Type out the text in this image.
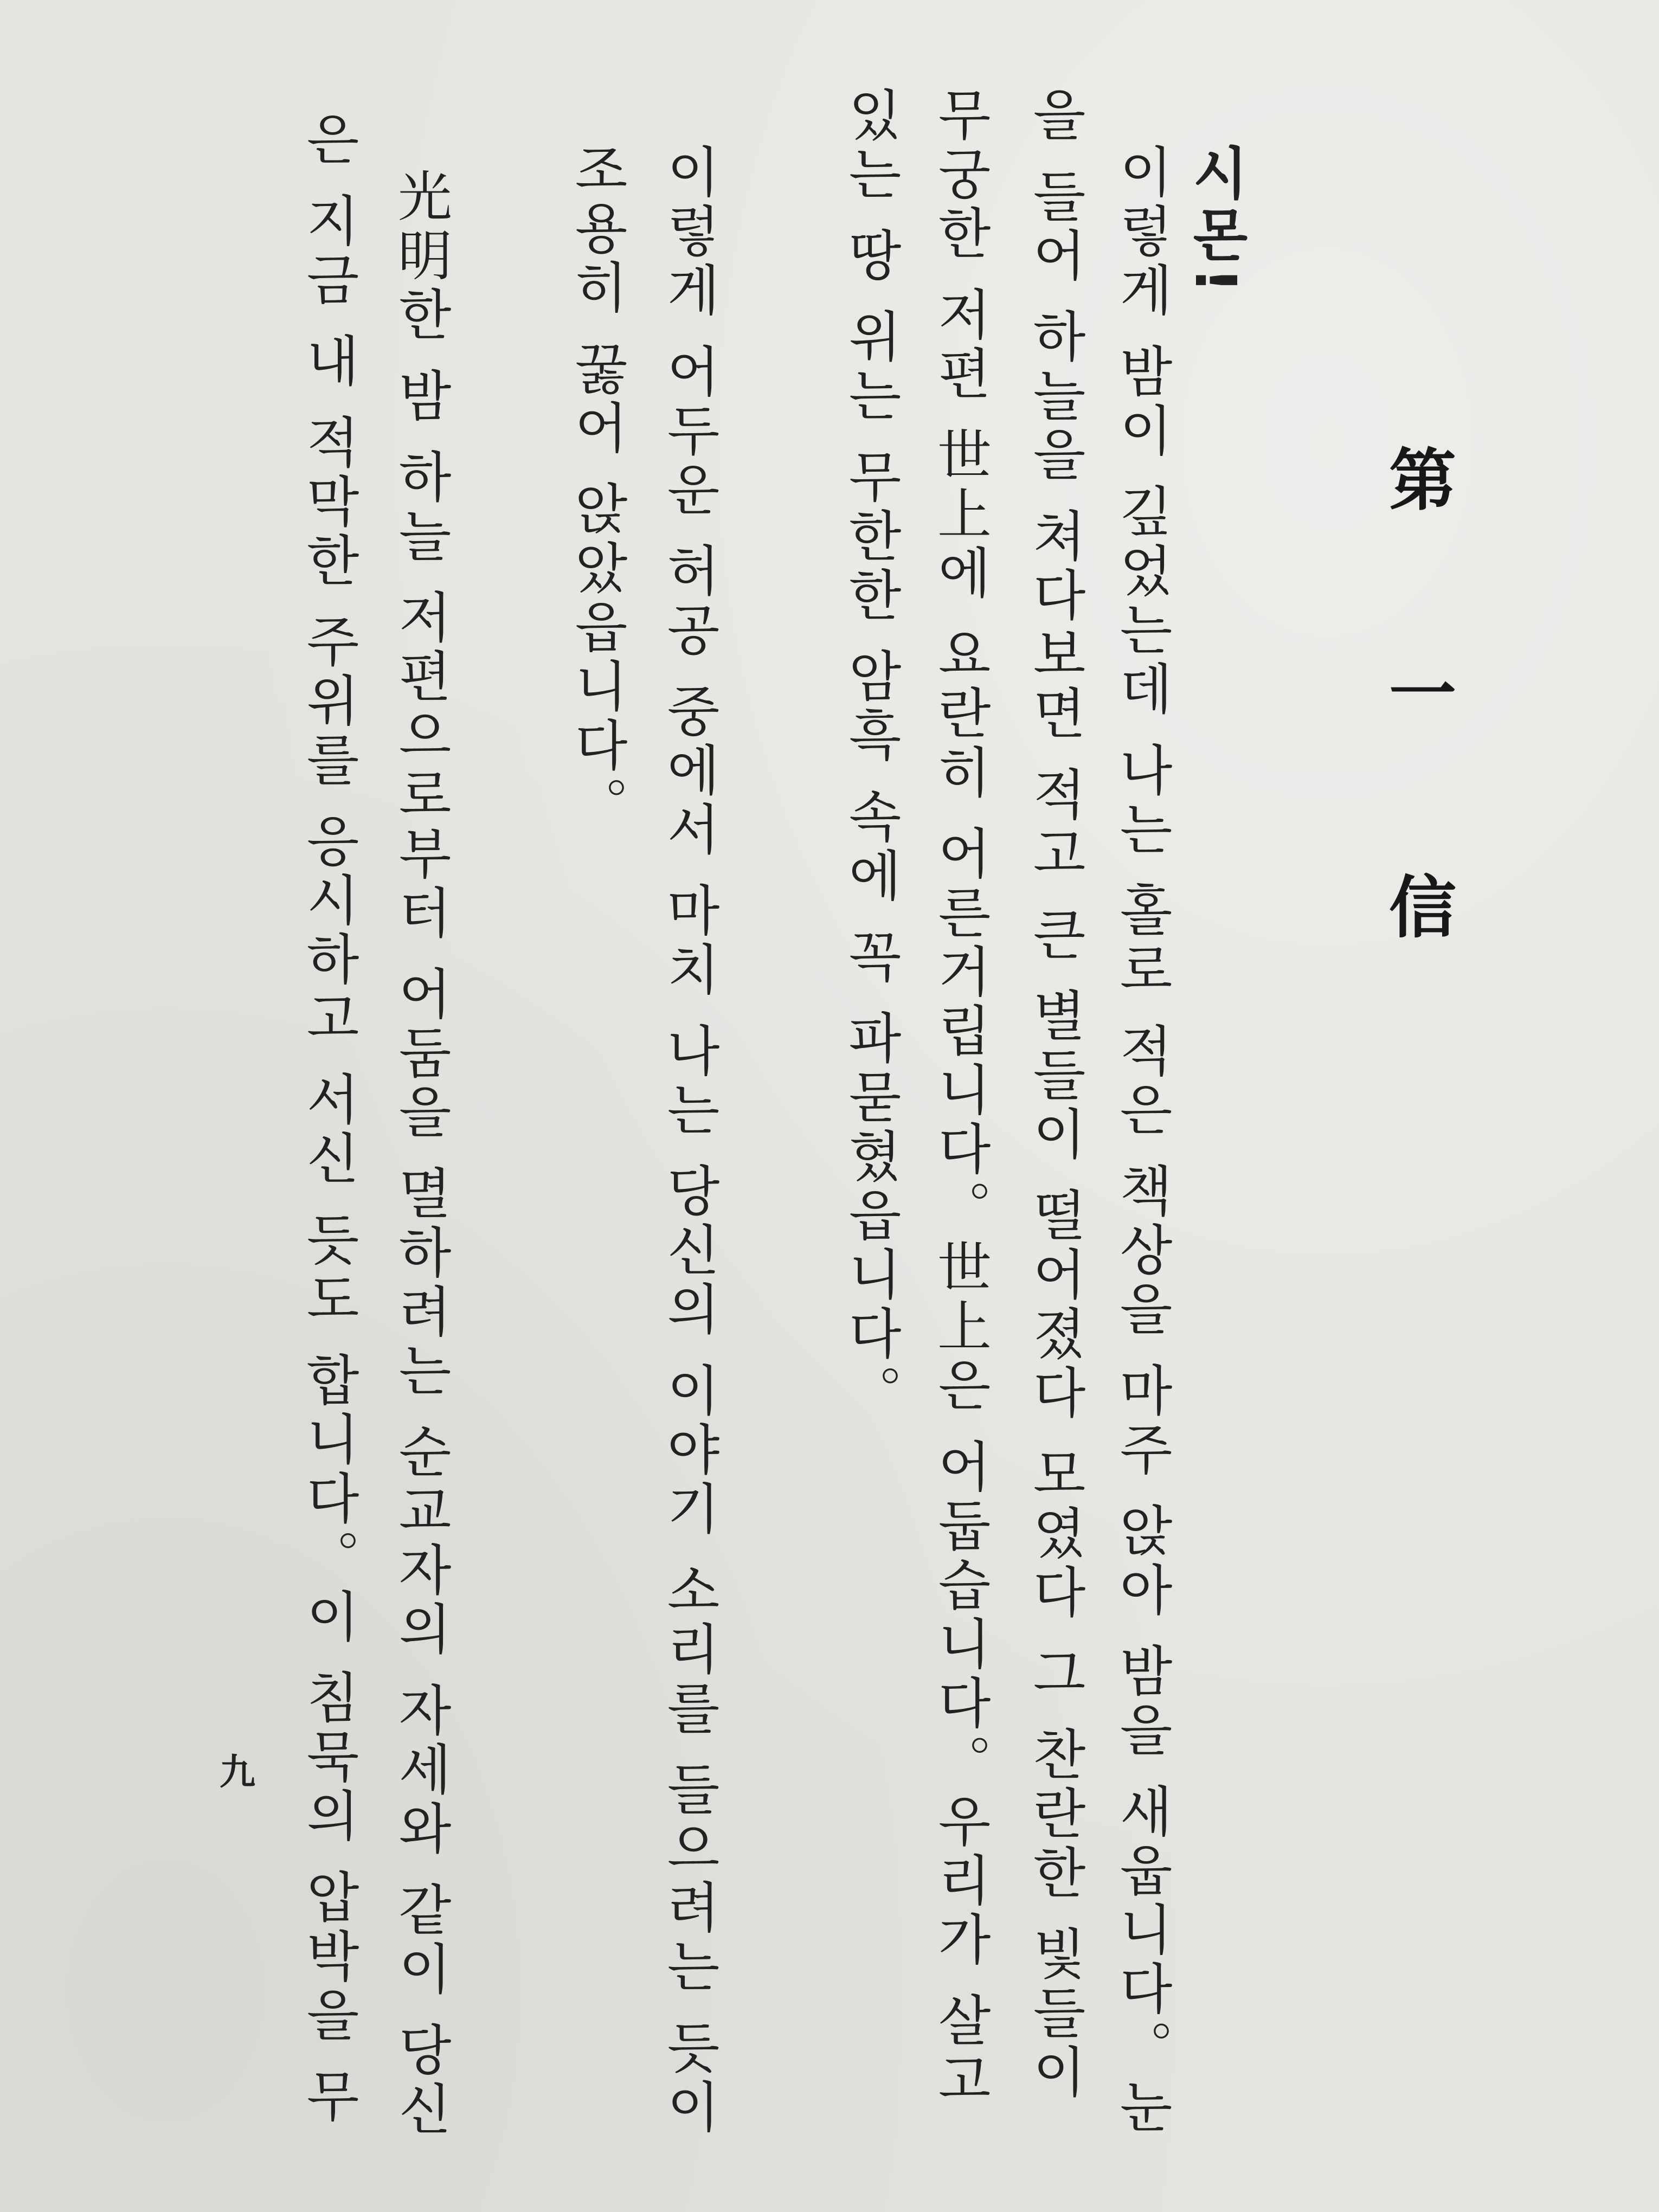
第一信
시몬!
이렇게 밤이 깊었는데 나는 홀로 적은 책상을 마주 앉아 밤을 새웁니다。눈
을 들어 하늘을 쳐다보면 적고 큰 별들이 떨어졌다 모였다 그 찬란한 빛들이
무궁한 저편 世上에 요란히 어른거립니다。世上은 어둡습니다。우리가 살고
있는 땅 위는 무한한 암흑 속에 꼭 파묻혔읍니다。
이렇게 어두운 허공 중에서 마치 나는 당신의 이야기 소리를 들으려는 듯이
조용히 꿇어 앉았읍니다。
光明한 밤 하늘 저편으로부터 어둠을 멸하려는 순교자의 자세와 같이 당신
은 지금 내 적막한 주위를 응시하고 서신 듯도 합니다。이 침묵의 압박을 무
九
